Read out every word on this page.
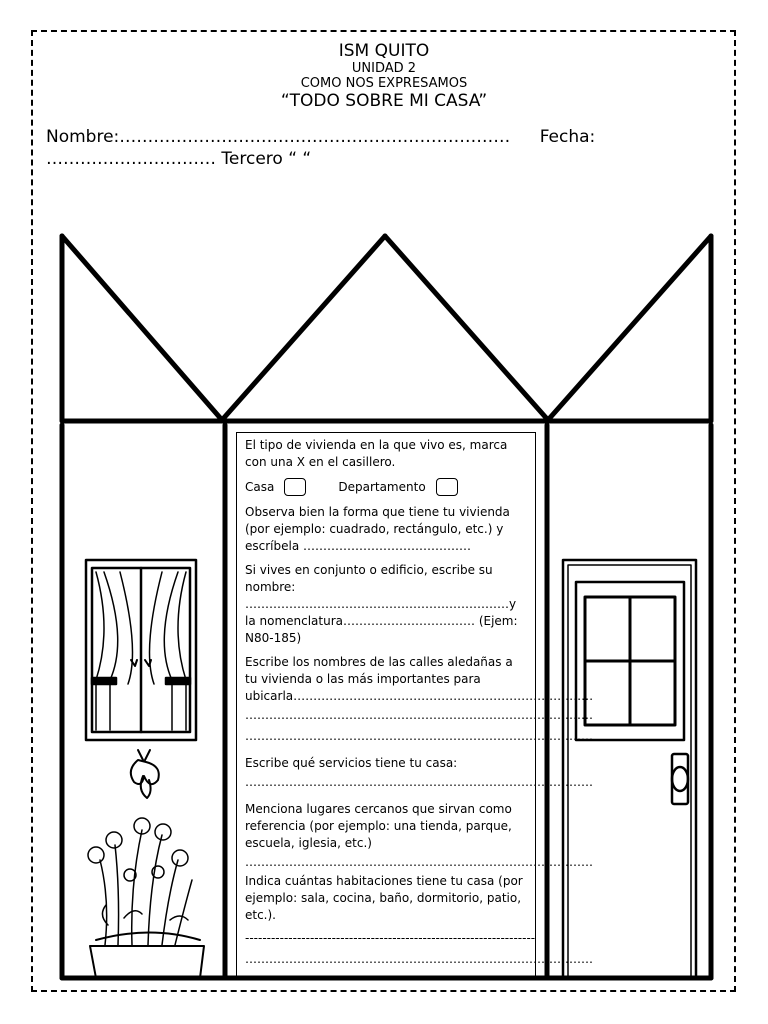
ISM QUITO
UNIDAD 2
COMO NOS EXPRESAMOS
“TODO SOBRE MI CASA”
Nombre:…………………………………………………………… Fecha:
………………………… Tercero “ “

El tipo de vivienda en la que vivo es, marca con una X en el casillero.

Casa	Departamento

Observa bien la forma que tiene tu vivienda (por ejemplo: cuadrado, rectángulo, etc.) y escríbela ……………………………………

Si vives en conjunto o edificio, escribe su nombre: …………………………………………………………y la nomenclatura…………………………… (Ejem: N80-185)

Escribe los nombres de las calles aledañas a tu vivienda o las más importantes para ubicarla…………………………………………………………………

……………………………………………………………………………
……………………………………………………………………………

Escribe qué servicios tiene tu casa:

……………………………………………………………………………

Menciona lugares cercanos que sirvan como referencia (por ejemplo: una tienda, parque, escuela, iglesia, etc.)

……………………………………………………………………………

Indica cuántas habitaciones tiene tu casa (por ejemplo: sala, cocina, baño, dormitorio, patio, etc.).

-------------------------------------------------------------------
……………………………………………………………………………
